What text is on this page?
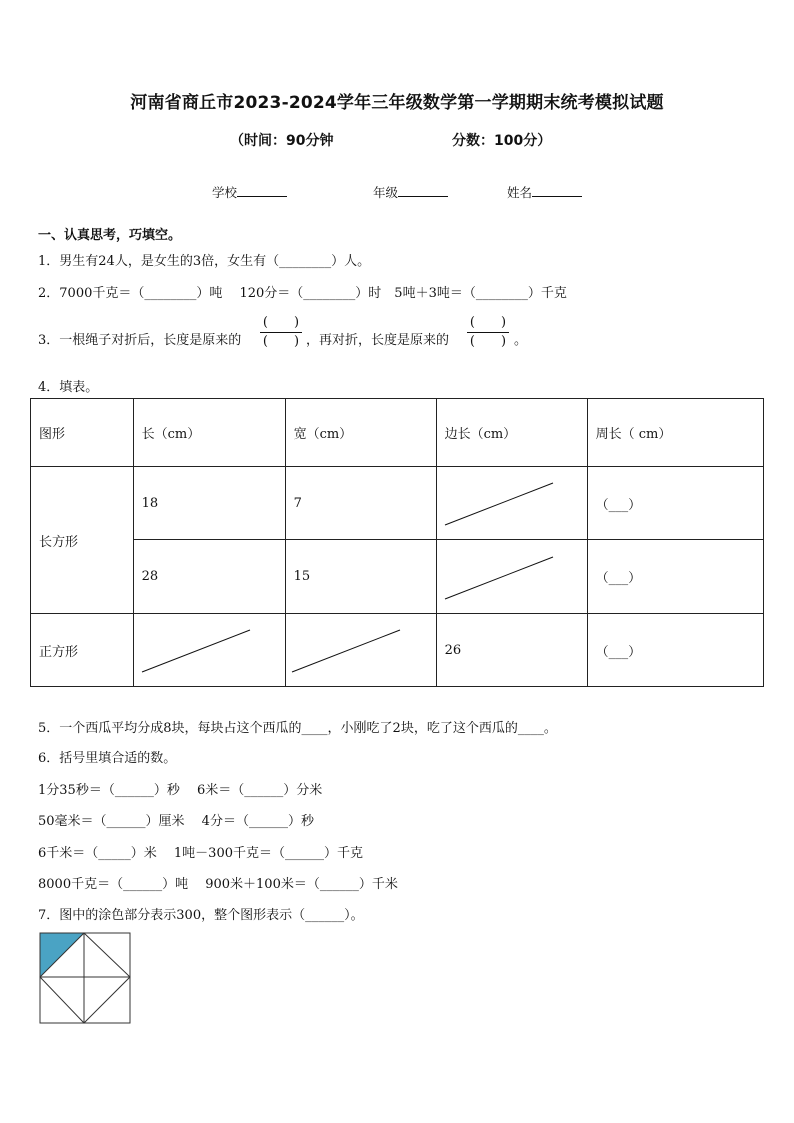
河南省商丘市2023-2024学年三年级数学第一学期期末统考模拟试题
（时间：90分钟	分数：100分）
学校	年级	姓名
一、认真思考，巧填空。
1．男生有24人，是女生的3倍，女生有（________）人。
2．7000千克＝（________）吨　 120分＝（________）时　5吨＋3吨＝（________）千克
3．一根绳子对折后，长度是原来的
(　　)
(　　) ，再对折，长度是原来的
(　　)
(　　) 。
4．填表。
图形	长（cm）	宽（cm）	边长（cm）	周长（ cm）
长方形	18	7		（___）
	28	15		（___）
正方形			26	（___）
5．一个西瓜平均分成8块，每块占这个西瓜的____，小刚吃了2块，吃了这个西瓜的____。
6．括号里填合适的数。
1分35秒＝（______）秒　 6米＝（______）分米
50毫米＝（______）厘米　 4分＝（______）秒
6千米＝（_____）米　 1吨－300千克＝（______）千克
8000千克＝（______）吨　 900米＋100米＝（______）千米
7．图中的涂色部分表示300，整个图形表示（______）。
